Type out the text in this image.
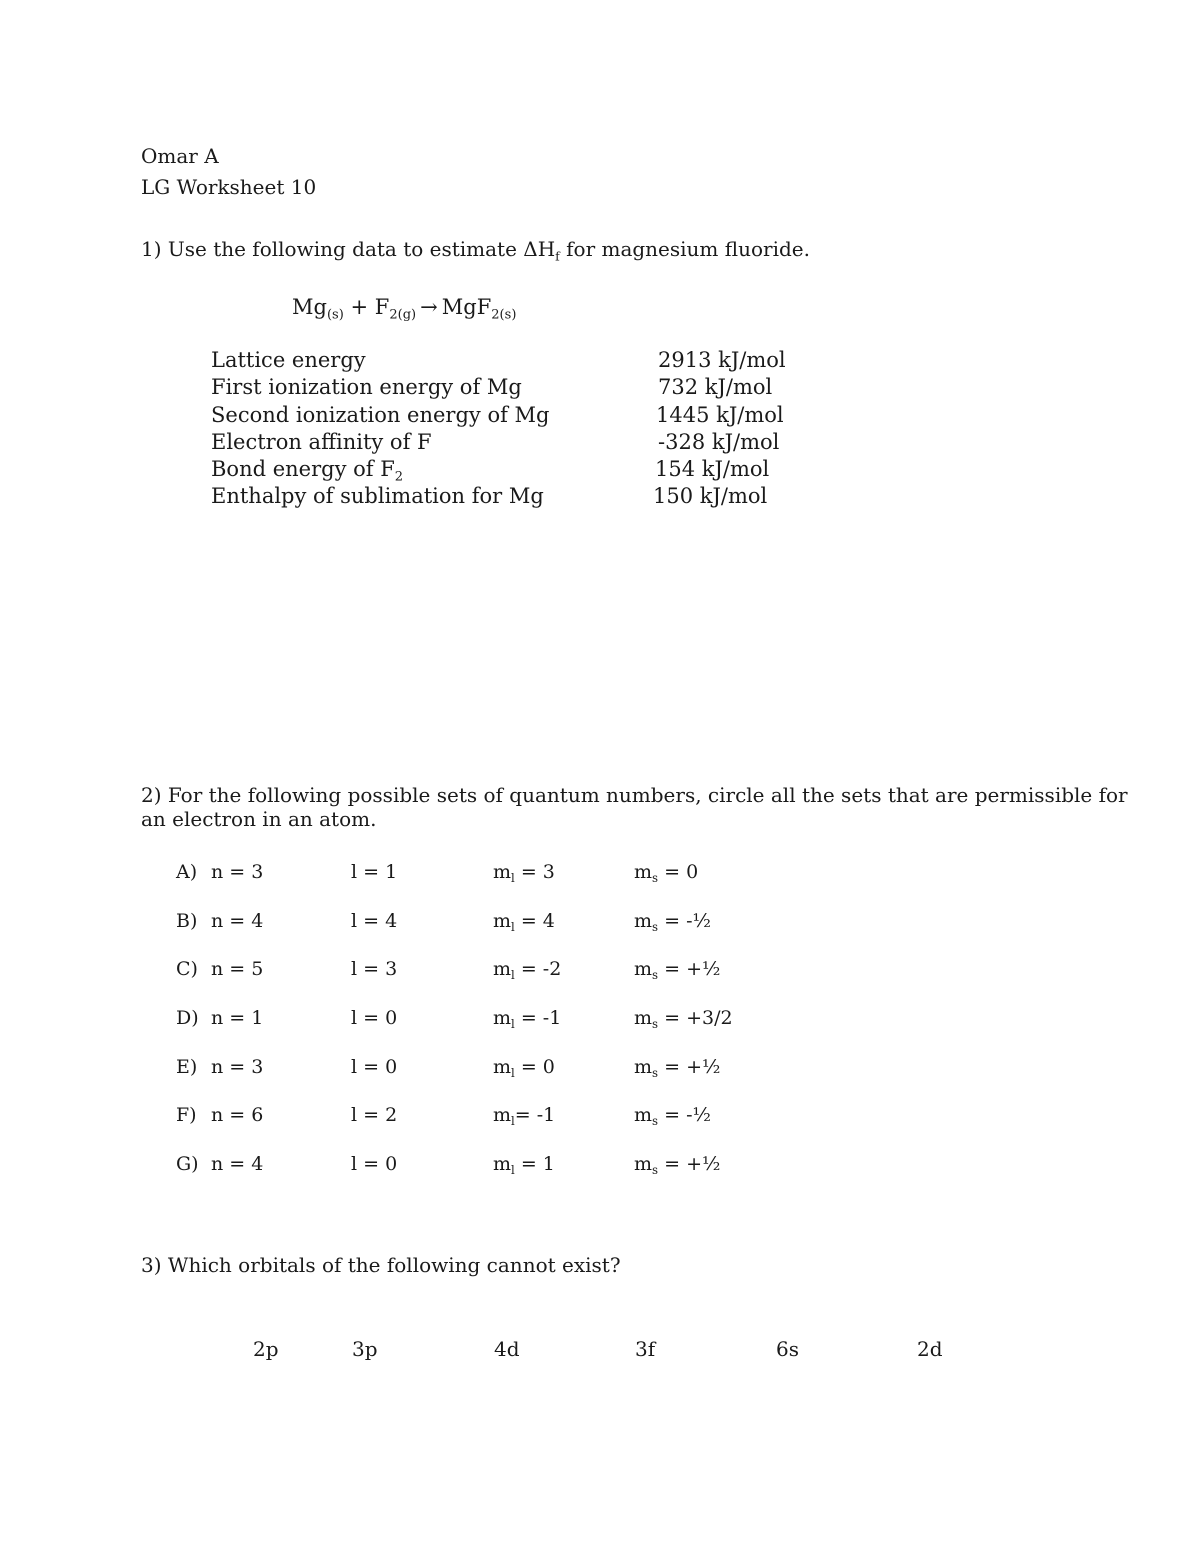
Omar A
LG Worksheet 10
1) Use the following data to estimate $\Delta H_f$ for magnesium fluoride.
$Mg_{(s)} + F_{2(g)} \to MgF_{2(s)}$
Lattice energy	2913 kJ/mol
First ionization energy of Mg	732 kJ/mol
Second ionization energy of Mg	1445 kJ/mol
Electron affinity of F	-328 kJ/mol
Bond energy of $F_2$	154 kJ/mol
Enthalpy of sublimation for Mg	150 kJ/mol
2) For the following possible sets of quantum numbers, circle all the sets that are permissible for
an electron in an atom.
A) n = 3	l = 1	$m_l = 3$	$m_s = 0$
B) n = 4	l = 4	$m_l = 4$	$m_s$ = -½
C) n = 5	l = 3	$m_l = -2$	$m_s$ = +½
D) n = 1	l = 0	$m_l = -1$	$m_s = +3/2$
E) n = 3	l = 0	$m_l = 0$	$m_s$ = +½
F) n = 6	l = 2	$m_l= -1$	$m_s$ = -½
G) n = 4	l = 0	$m_l = 1$	$m_s$ = +½
3) Which orbitals of the following cannot exist?
2p	3p	4d	3f	6s	2d
